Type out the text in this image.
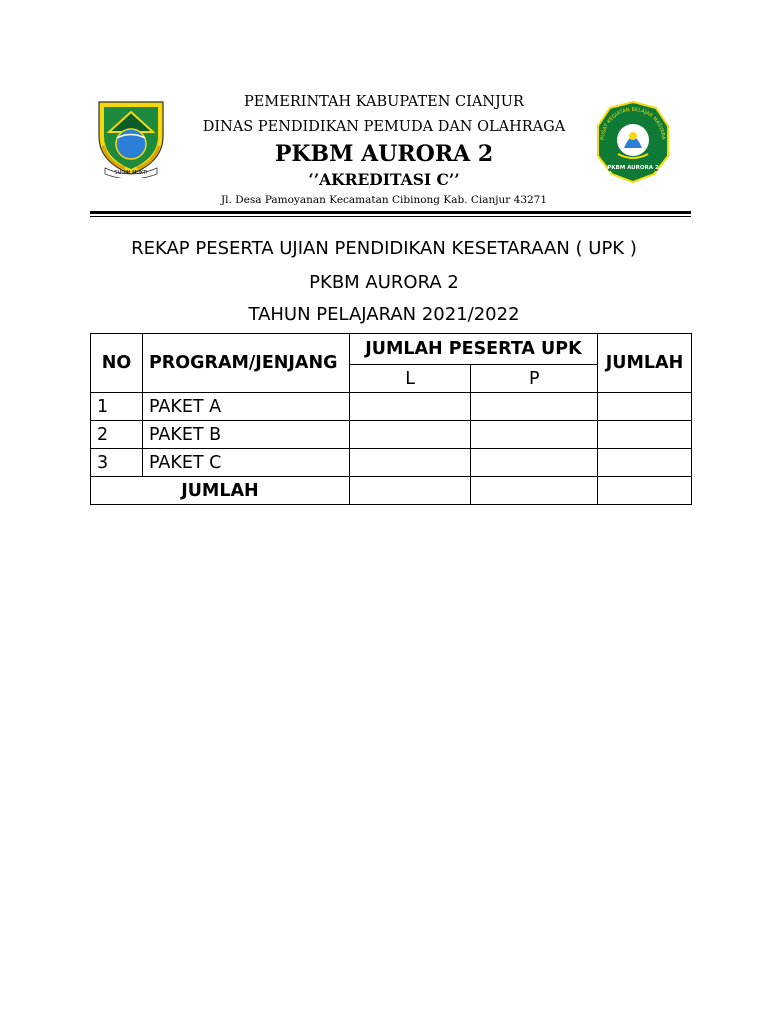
SUGIH MUKTI
PEMERINTAH KABUPATEN CIANJUR
DINAS PENDIDIKAN PEMUDA DAN OLAHRAGA
PKBM AURORA 2
‘’AKREDITASI C’’
Jl. Desa Pamoyanan Kecamatan Cibinong Kab. Cianjur 43271
PUSAT KEGIATAN BELAJAR MASYARA
PKBM AURORA 2
REKAP PESERTA UJIAN PENDIDIKAN KESETARAAN ( UPK )
PKBM AURORA 2
TAHUN PELAJARAN 2021/2022
NO	PROGRAM/JENJANG	JUMLAH PESERTA UPK		JUMLAH
		L	P	
1	PAKET A			
2	PAKET B			
3	PAKET C			
JUMLAH				
